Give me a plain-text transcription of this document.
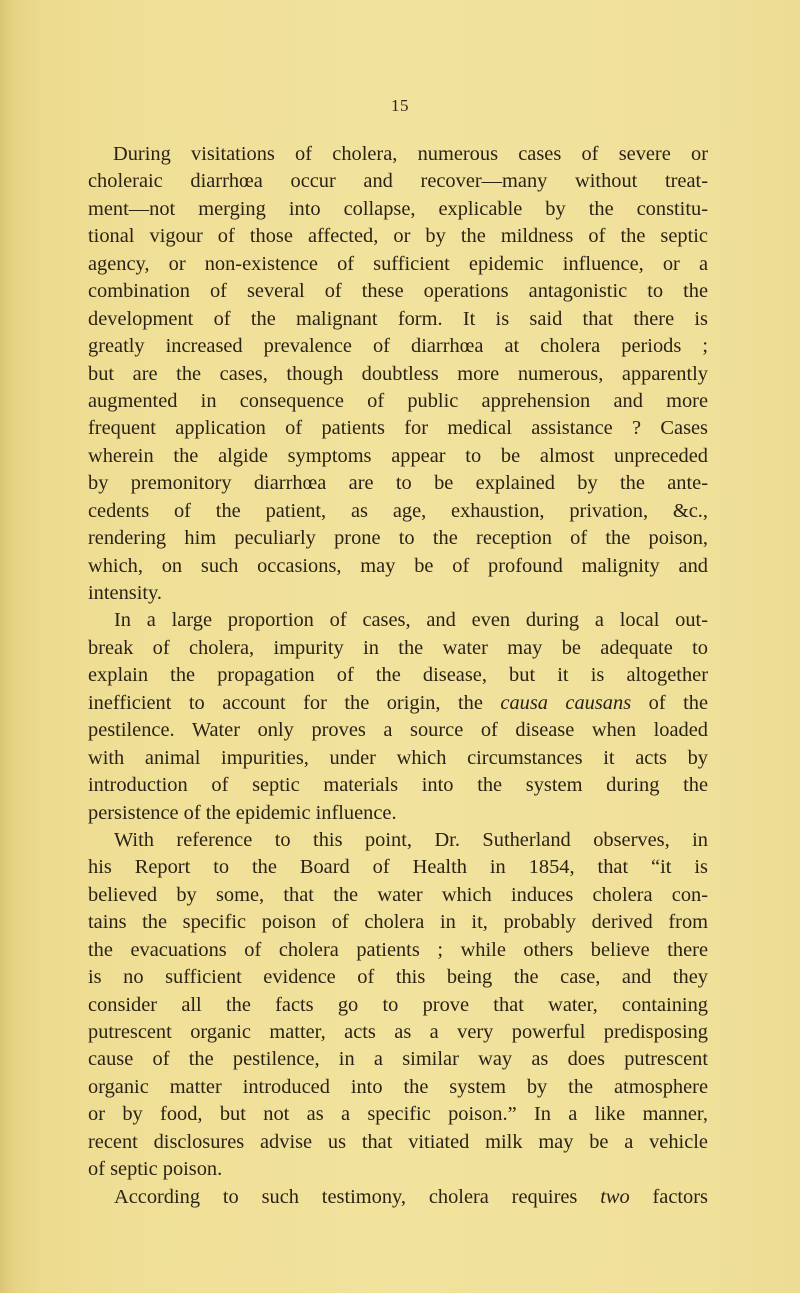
15
During visitations of cholera, numerous cases of severe or
choleraic diarrhœa occur and recover—many without treat-
ment—not merging into collapse, explicable by the constitu-
tional vigour of those affected, or by the mildness of the septic
agency, or non-existence of sufficient epidemic influence, or a
combination of several of these operations antagonistic to the
development of the malignant form. It is said that there is
greatly increased prevalence of diarrhœa at cholera periods ;
but are the cases, though doubtless more numerous, apparently
augmented in consequence of public apprehension and more
frequent application of patients for medical assistance ? Cases
wherein the algide symptoms appear to be almost unpreceded
by premonitory diarrhœa are to be explained by the ante-
cedents of the patient, as age, exhaustion, privation, &c.,
rendering him peculiarly prone to the reception of the poison,
which, on such occasions, may be of profound malignity and
intensity.
In a large proportion of cases, and even during a local out-
break of cholera, impurity in the water may be adequate to
explain the propagation of the disease, but it is altogether
inefficient to account for the origin, the causa causans of the
pestilence. Water only proves a source of disease when loaded
with animal impurities, under which circumstances it acts by
introduction of septic materials into the system during the
persistence of the epidemic influence.
With reference to this point, Dr. Sutherland observes, in
his Report to the Board of Health in 1854, that “it is
believed by some, that the water which induces cholera con-
tains the specific poison of cholera in it, probably derived from
the evacuations of cholera patients ; while others believe there
is no sufficient evidence of this being the case, and they
consider all the facts go to prove that water, containing
putrescent organic matter, acts as a very powerful predisposing
cause of the pestilence, in a similar way as does putrescent
organic matter introduced into the system by the atmosphere
or by food, but not as a specific poison.” In a like manner,
recent disclosures advise us that vitiated milk may be a vehicle
of septic poison.
According to such testimony, cholera requires two factors
